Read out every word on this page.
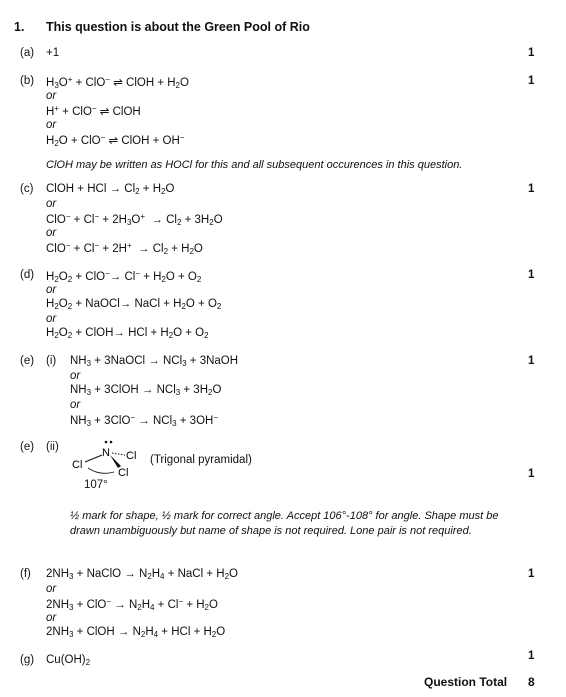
1. This question is about the Green Pool of Rio
(a) +1	1
(b)	1
$H_3O^+ + ClO^-$ ⇌ ClOH + $H_2O$
or
H+ + ClO− ⇌ ClOH
or
$H_2O + ClO^-$ ⇌ ClOH + OH−
ClOH may be written as HOCl for this and all subsequent occurences in this question.
(c)	1
ClOH + HCl → $Cl_2 + H_2O$
or
$ClO^- + Cl^- + 2H_3O^+ \to Cl_2 + 3H_2O$
or
$ClO^- + Cl^- + 2H^+ \to Cl_2 + H_2O$
(d)	1
$H_2O_2 + ClO^-\to Cl^- + H_2O + O_2$
or
$H_2O_2$ + NaOCl→ NaCl + $H_2O + O_2$
or
$H_2O_2$ + ClOH→ HCl + $H_2O + O_2$
(e) (i)	1
$NH_3$ + 3NaOCl → NCl$_3$ + 3NaOH
or
$NH_3$ + 3ClOH → $NCl_3 + 3H_2O$
or
$NH_3 + 3ClO^- \to NCl_3 + 3OH^-$
(e) (ii)	N
Cl
Cl
Cl
(Trigonal pyramidal)
1
107°
½ mark for shape, ½ mark for correct angle. Accept 106°-108° for angle. Shape must be drawn unambiguously but name of shape is not required. Lone pair is not required.
(f)	1
$2NH_3$ + NaClO → $N_2H_4$ + NaCl + $H_2O$
or
$2NH_3 + ClO^- \to N_2H_4 + Cl^- + H_2O$
or
$2NH_3$ + ClOH → $N_2H_4$ + HCl + $H_2O$
(g) $Cu(OH)_2$
1
Question Total 8
